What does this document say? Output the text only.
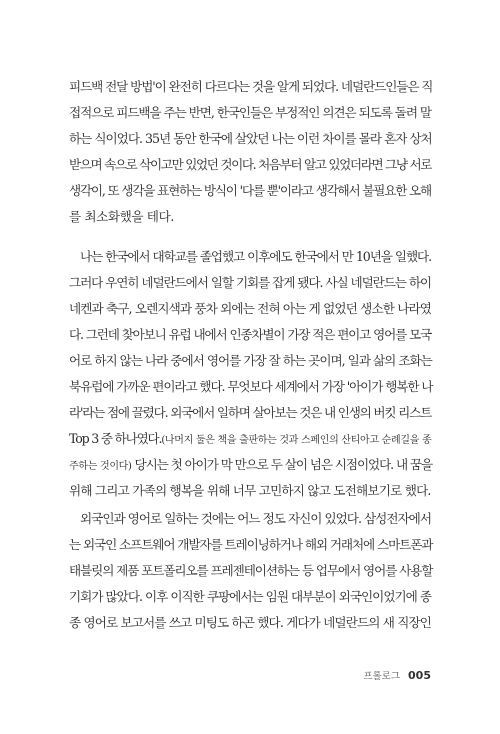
피드백 전달 방법'이 완전히 다르다는 것을 알게 되었다. 네덜란드인들은 직
접적으로 피드백을 주는 반면, 한국인들은 부정적인 의견은 되도록 돌려 말
하는 식이었다. 35년 동안 한국에 살았던 나는 이런 차이를 몰라 혼자 상처
받으며 속으로 삭이고만 있었던 것이다. 처음부터 알고 있었더라면 그냥 서로
생각이, 또 생각을 표현하는 방식이 '다를 뿐'이라고 생각해서 불필요한 오해
를 최소화했을 테다.
나는 한국에서 대학교를 졸업했고 이후에도 한국에서 만 10년을 일했다.
그러다 우연히 네덜란드에서 일할 기회를 잡게 됐다. 사실 네덜란드는 하이
네켄과 축구, 오렌지색과 풍차 외에는 전혀 아는 게 없었던 생소한 나라였
다. 그런데 찾아보니 유럽 내에서 인종차별이 가장 적은 편이고 영어를 모국
어로 하지 않는 나라 중에서 영어를 가장 잘 하는 곳이며, 일과 삶의 조화는
북유럽에 가까운 편이라고 했다. 무엇보다 세계에서 가장 '아이가 행복한 나
라'라는 점에 끌렸다. 외국에서 일하며 살아보는 것은 내 인생의 버킷 리스트
Top 3 중 하나였다.(나머지 둘은 책을 출판하는 것과 스페인의 산티아고 순례길을 종
주하는 것이다) 당시는 첫 아이가 막 만으로 두 살이 넘은 시점이었다. 내 꿈을
위해 그리고 가족의 행복을 위해 너무 고민하지 않고 도전해보기로 했다.
외국인과 영어로 일하는 것에는 어느 정도 자신이 있었다. 삼성전자에서
는 외국인 소프트웨어 개발자를 트레이닝하거나 해외 거래처에 스마트폰과
태블릿의 제품 포트폴리오를 프레젠테이션하는 등 업무에서 영어를 사용할
기회가 많았다. 이후 이직한 쿠팡에서는 임원 대부분이 외국인이었기에 종
종 영어로 보고서를 쓰고 미팅도 하곤 했다. 게다가 네덜란드의 새 직장인
프롤로그 005
